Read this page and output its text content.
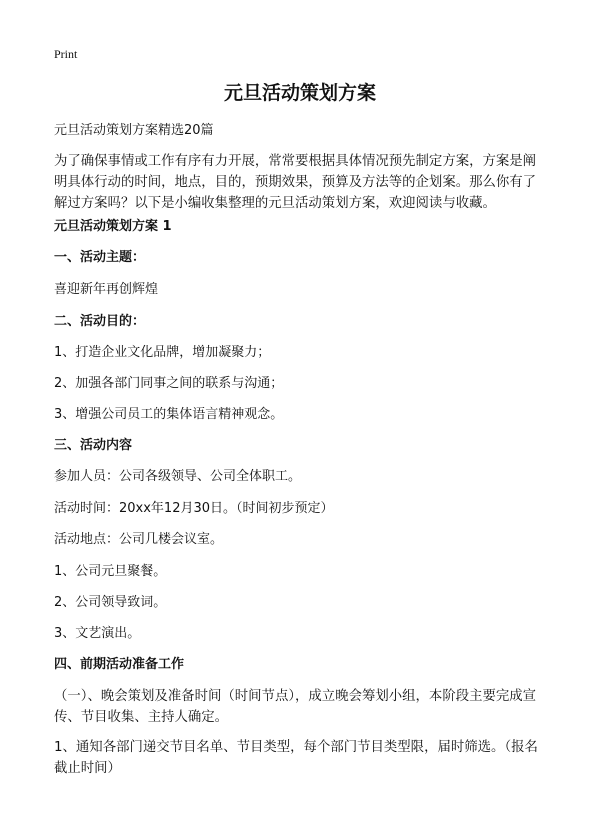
Print
元旦活动策划方案
元旦活动策划方案精选20篇
为了确保事情或工作有序有力开展，常常要根据具体情况预先制定方案，方案是阐明具体行动的时间，地点，目的，预期效果，预算及方法等的企划案。那么你有了解过方案吗？以下是小编收集整理的元旦活动策划方案，欢迎阅读与收藏。
元旦活动策划方案 1
一、活动主题：
喜迎新年再创辉煌
二、活动目的：
1、打造企业文化品牌，增加凝聚力；
2、加强各部门同事之间的联系与沟通；
3、增强公司员工的集体语言精神观念。
三、活动内容
参加人员：公司各级领导、公司全体职工。
活动时间：20xx年12月30日。（时间初步预定）
活动地点：公司几楼会议室。
1、公司元旦聚餐。
2、公司领导致词。
3、文艺演出。
四、前期活动准备工作
（一）、晚会策划及准备时间（时间节点），成立晚会筹划小组，本阶段主要完成宣传、节目收集、主持人确定。
1、通知各部门递交节目名单、节目类型，每个部门节目类型限，届时筛选。（报名截止时间）
